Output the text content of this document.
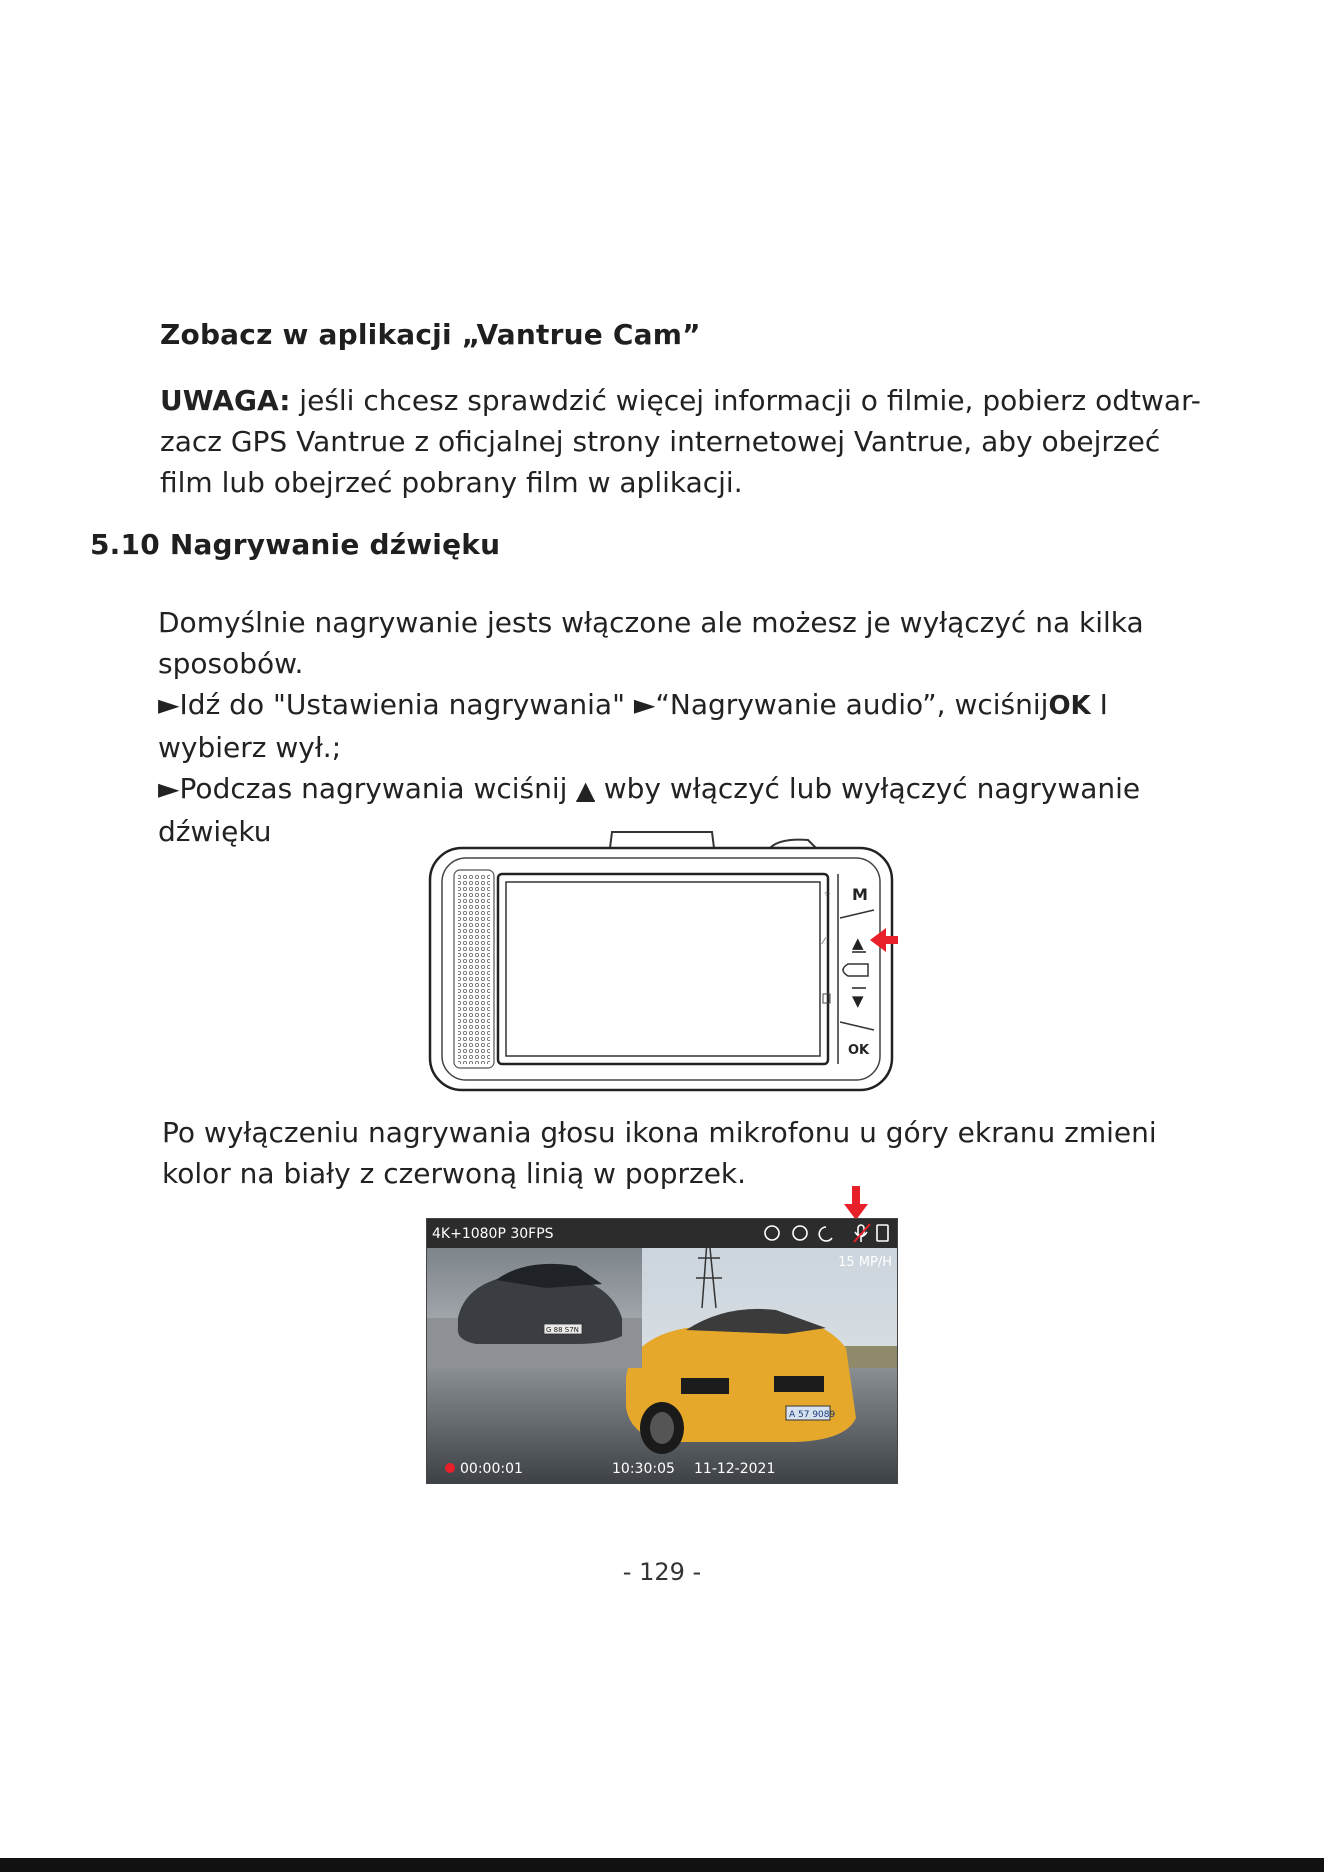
Zobacz w aplikacji „Vantrue Cam”
UWAGA: jeśli chcesz sprawdzić więcej informacji o filmie, pobierz odtwar-
zacz GPS Vantrue z oficjalnej strony internetowej Vantrue, aby obejrzeć
film lub obejrzeć pobrany film w aplikacji.
5.10 Nagrywanie dźwięku
Domyślnie nagrywanie jests włączone ale możesz je wyłączyć na kilka
sposobów.
►Idź do "Ustawienia nagrywania" ►“Nagrywanie audio”, wciśnijOK I
wybierz wył.;
►Podczas nagrywania wciśnij ▲ wby włączyć lub wyłączyć nagrywanie
dźwięku
⌔
⁄
M
▲
▼
OK
Po wyłączeniu nagrywania głosu ikona mikrofonu u góry ekranu zmieni
kolor na biały z czerwoną linią w poprzek.
A 57 9089
G 88 S7N
4K+1080P 30FPS
15 MP/H
00:00:01	10:30:05 11-12-2021
- 129 -
